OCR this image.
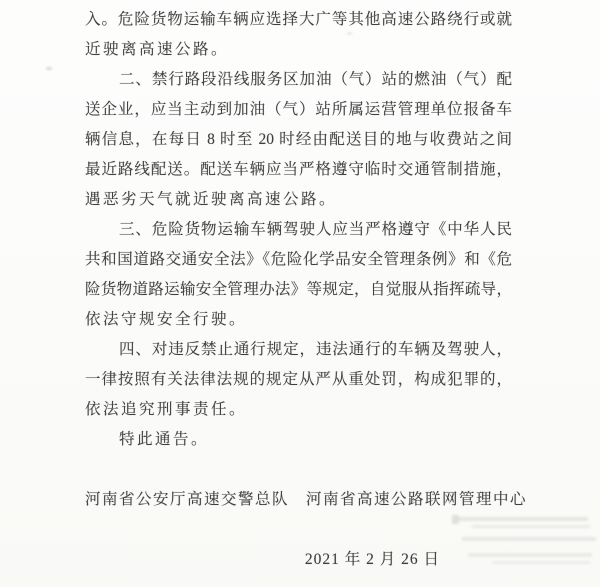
入。危险货物运输车辆应选择大广等其他高速公路绕行或就
近驶离高速公路。
二、禁行路段沿线服务区加油（气）站的燃油（气）配
送企业，应当主动到加油（气）站所属运营管理单位报备车
辆信息，在每日 8 时至 20 时经由配送目的地与收费站之间
最近路线配送。配送车辆应当严格遵守临时交通管制措施，
遇恶劣天气就近驶离高速公路。
三、危险货物运输车辆驾驶人应当严格遵守《中华人民
共和国道路交通安全法》《危险化学品安全管理条例》和《危
险货物道路运输安全管理办法》等规定，自觉服从指挥疏导，
依法守规安全行驶。
四、对违反禁止通行规定，违法通行的车辆及驾驶人，
一律按照有关法律法规的规定从严从重处罚，构成犯罪的，
依法追究刑事责任。
特此通告。
河南省公安厅高速交警总队　河南省高速公路联网管理中心
2021 年 2 月 26 日
